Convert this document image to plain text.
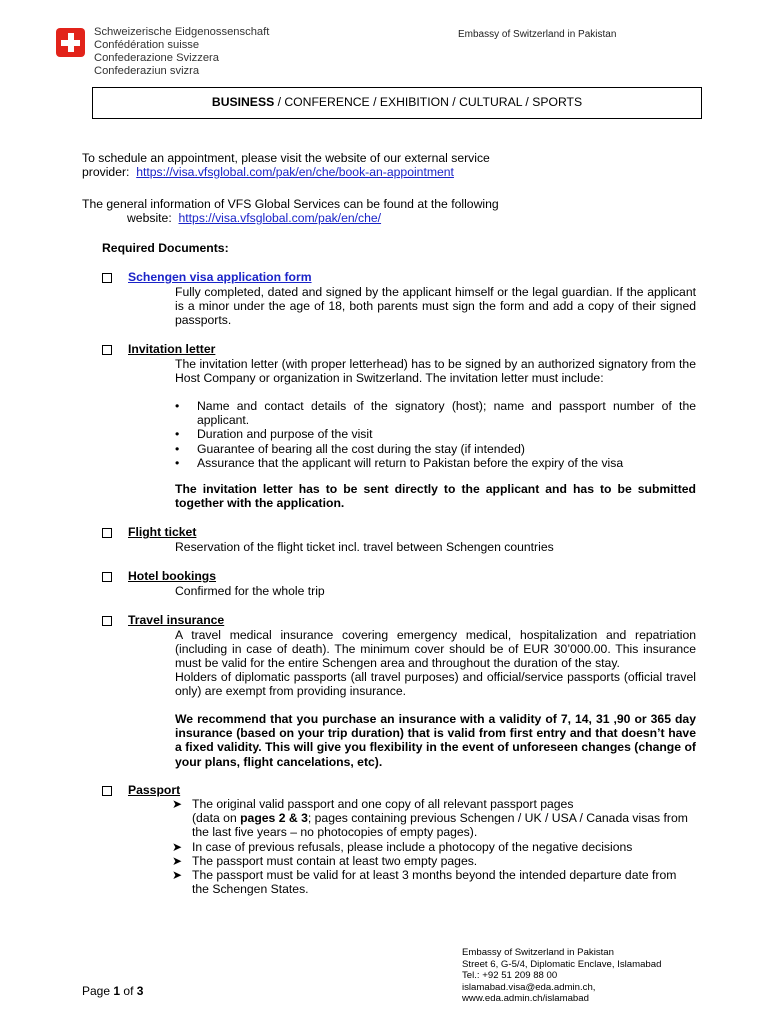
Schweizerische Eidgenossenschaft
Confédération suisse
Confederazione Svizzera
Confederaziun svizra
Embassy of Switzerland in Pakistan
BUSINESS / CONFERENCE / EXHIBITION / CULTURAL / SPORTS
To schedule an appointment, please visit the website of our external service
provider: https://visa.vfsglobal.com/pak/en/che/book-an-appointment
The general information of VFS Global Services can be found at the following
website: https://visa.vfsglobal.com/pak/en/che/
Required Documents:
Schengen visa application form
Fully completed, dated and signed by the applicant himself or the legal guardian. If the applicant is a minor under the age of 18, both parents must sign the form and add a copy of their signed passports.
Invitation letter
The invitation letter (with proper letterhead) has to be signed by an authorized signatory from the Host Company or organization in Switzerland. The invitation letter must include:
• Name and contact details of the signatory (host); name and passport number of the applicant.
• Duration and purpose of the visit
• Guarantee of bearing all the cost during the stay (if intended)
• Assurance that the applicant will return to Pakistan before the expiry of the visa
The invitation letter has to be sent directly to the applicant and has to be submitted together with the application.
Flight ticket
Reservation of the flight ticket incl. travel between Schengen countries
Hotel bookings
Confirmed for the whole trip
Travel insurance
A travel medical insurance covering emergency medical, hospitalization and repatriation (including in case of death). The minimum cover should be of EUR 30’000.00. This insurance must be valid for the entire Schengen area and throughout the duration of the stay.
Holders of diplomatic passports (all travel purposes) and official/service passports (official travel only) are exempt from providing insurance.
We recommend that you purchase an insurance with a validity of 7, 14, 31 ,90 or 365 day insurance (based on your trip duration) that is valid from first entry and that doesn’t have a fixed validity. This will give you flexibility in the event of unforeseen changes (change of your plans, flight cancelations, etc).
Passport
➤ The original valid passport and one copy of all relevant passport pages
(data on pages 2 & 3; pages containing previous Schengen / UK / USA / Canada visas from the last five years – no photocopies of empty pages).
➤ In case of previous refusals, please include a photocopy of the negative decisions
➤ The passport must contain at least two empty pages.
➤ The passport must be valid for at least 3 months beyond the intended departure date from the Schengen States.
Embassy of Switzerland in Pakistan
Street 6, G-5/4, Diplomatic Enclave, Islamabad
Tel.: +92 51 209 88 00
islamabad.visa@eda.admin.ch,
www.eda.admin.ch/islamabad
Page 1 of 3
